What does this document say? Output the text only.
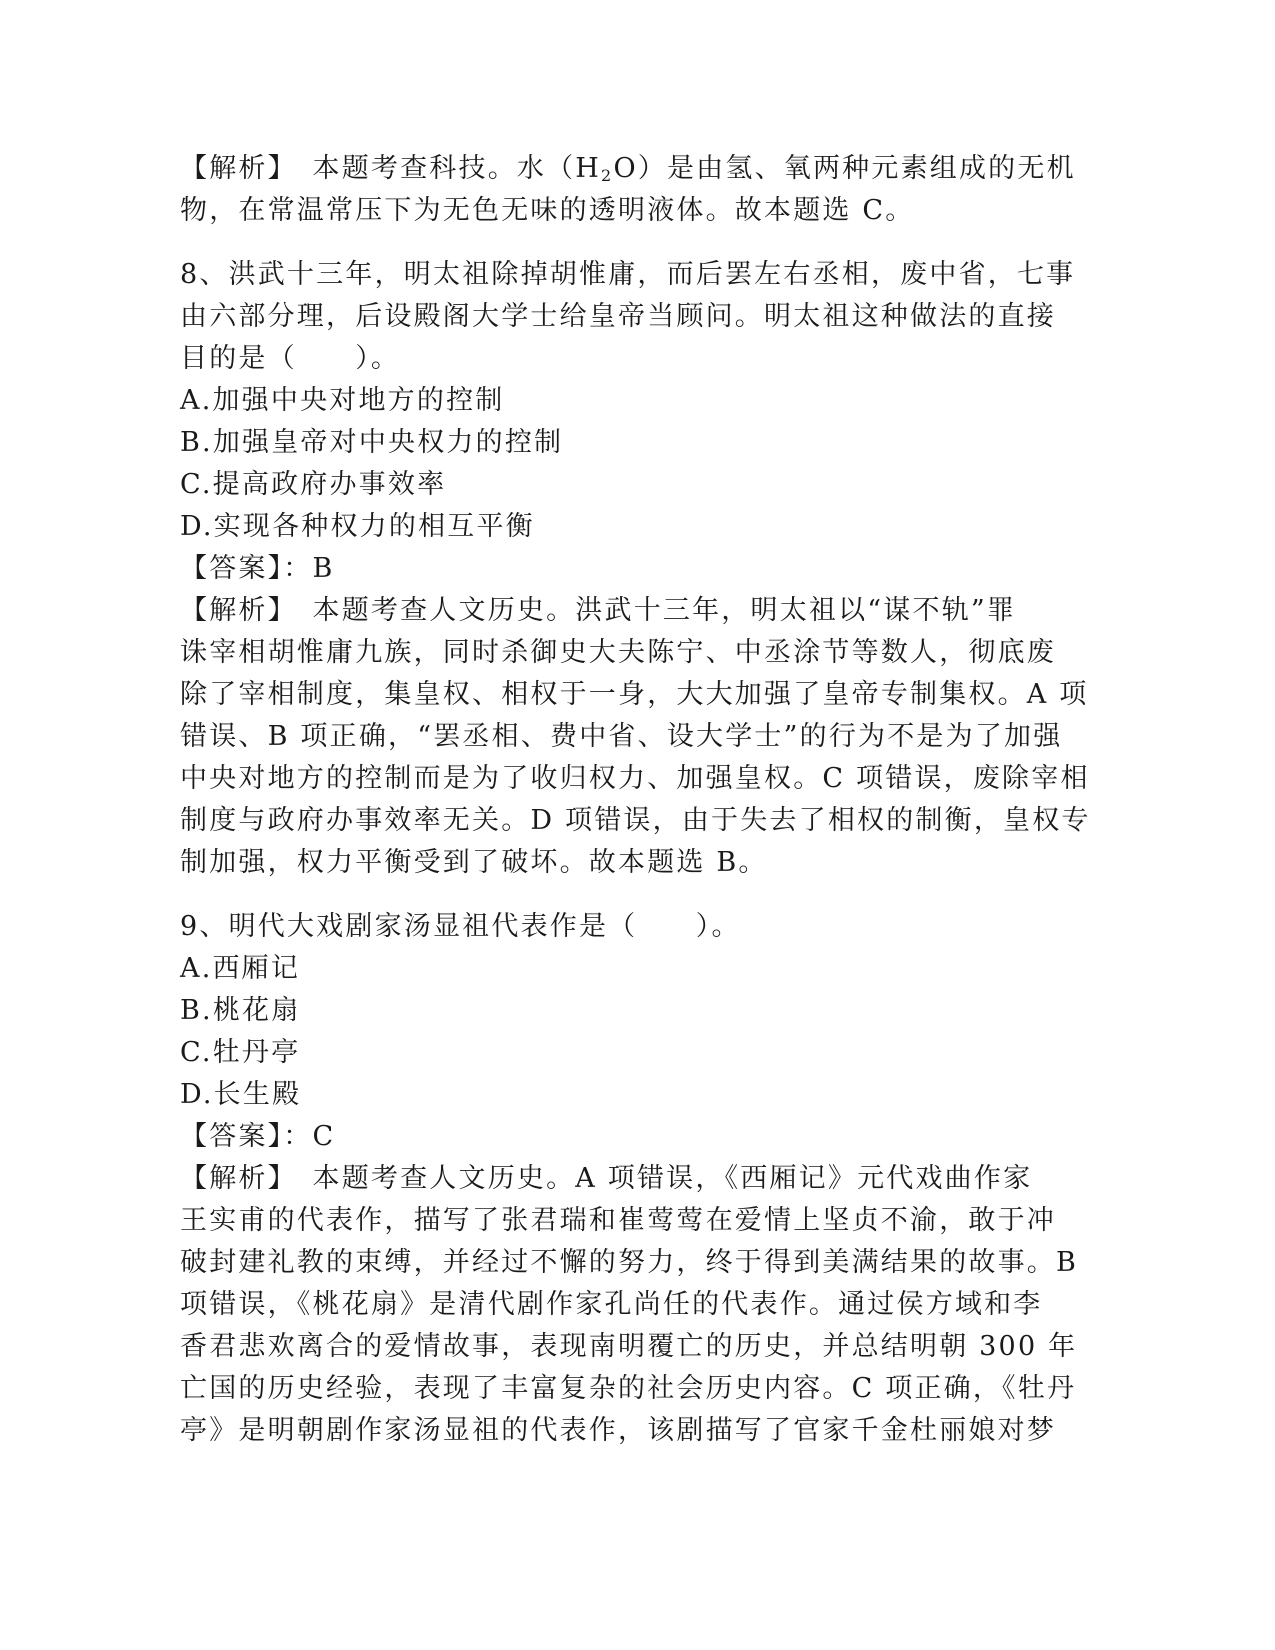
【解析】　本题考查科技。水$(H_2O)$是由氢、氧两种元素组成的无机
物，在常温常压下为无色无味的透明液体。故本题选 C。
8、洪武十三年，明太祖除掉胡惟庸，而后罢左右丞相，废中省，七事
由六部分理，后设殿阁大学士给皇帝当顾问。明太祖这种做法的直接
目的是（　　）。
A.加强中央对地方的控制
B.加强皇帝对中央权力的控制
C.提高政府办事效率
D.实现各种权力的相互平衡
【答案】：B
【解析】　本题考查人文历史。洪武十三年，明太祖以“谋不轨”罪
诛宰相胡惟庸九族，同时杀御史大夫陈宁、中丞涂节等数人，彻底废
除了宰相制度，集皇权、相权于一身，大大加强了皇帝专制集权。A 项
错误、B 项正确，“罢丞相、费中省、设大学士”的行为不是为了加强
中央对地方的控制而是为了收归权力、加强皇权。C 项错误，废除宰相
制度与政府办事效率无关。D 项错误，由于失去了相权的制衡，皇权专
制加强，权力平衡受到了破坏。故本题选 B。
9、明代大戏剧家汤显祖代表作是（　　）。
A.西厢记
B.桃花扇
C.牡丹亭
D.长生殿
【答案】：C
【解析】　本题考查人文历史。A 项错误，《西厢记》元代戏曲作家
王实甫的代表作，描写了张君瑞和崔莺莺在爱情上坚贞不渝，敢于冲
破封建礼教的束缚，并经过不懈的努力，终于得到美满结果的故事。B
项错误，《桃花扇》是清代剧作家孔尚任的代表作。通过侯方域和李
香君悲欢离合的爱情故事，表现南明覆亡的历史，并总结明朝 300 年
亡国的历史经验，表现了丰富复杂的社会历史内容。C 项正确，《牡丹
亭》是明朝剧作家汤显祖的代表作，该剧描写了官家千金杜丽娘对梦
